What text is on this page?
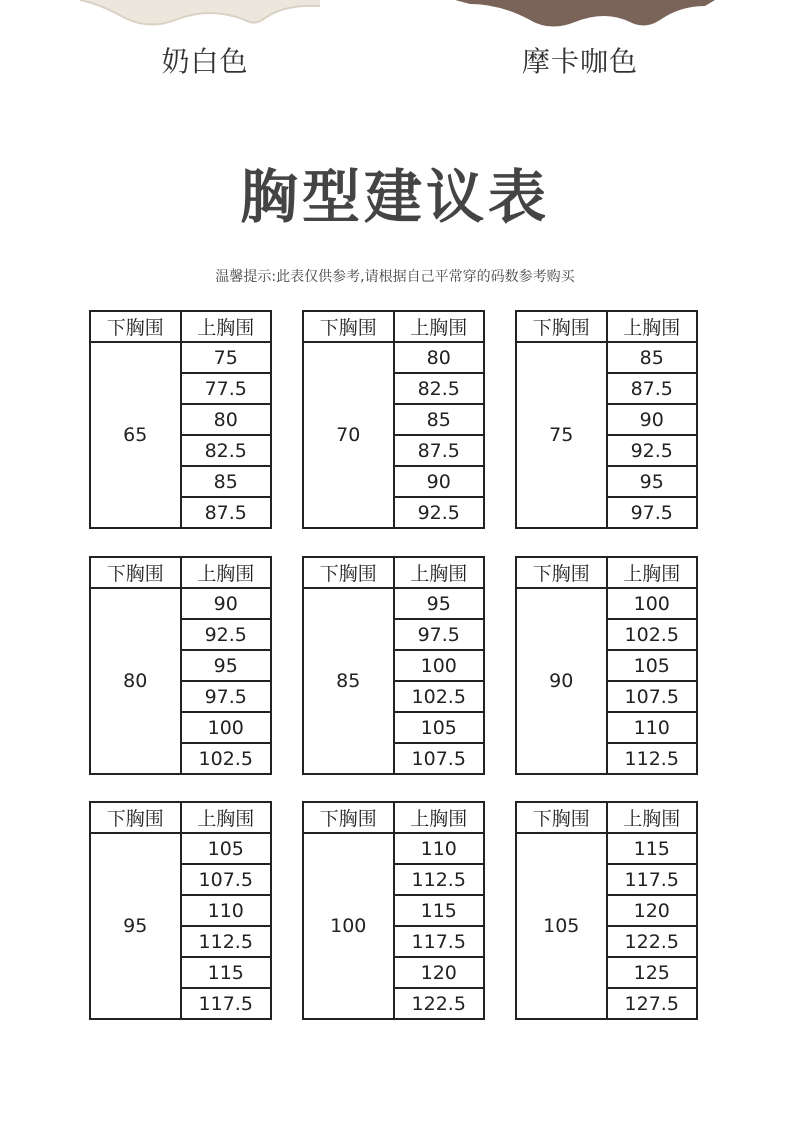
奶白色	摩卡咖色
胸型建议表
温馨提示:此表仅供参考,请根据自己平常穿的码数参考购买
下胸围	上胸围
65	75
	77.5
	80
	82.5
	85
	87.5
下胸围	上胸围
70	80
	82.5
	85
	87.5
	90
	92.5
下胸围	上胸围
75	85
	87.5
	90
	92.5
	95
	97.5
下胸围	上胸围
80	90
	92.5
	95
	97.5
	100
	102.5
下胸围	上胸围
85	95
	97.5
	100
	102.5
	105
	107.5
下胸围	上胸围
90	100
	102.5
	105
	107.5
	110
	112.5
下胸围	上胸围
95	105
	107.5
	110
	112.5
	115
	117.5
下胸围	上胸围
100	110
	112.5
	115
	117.5
	120
	122.5
下胸围	上胸围
105	115
	117.5
	120
	122.5
	125
	127.5
